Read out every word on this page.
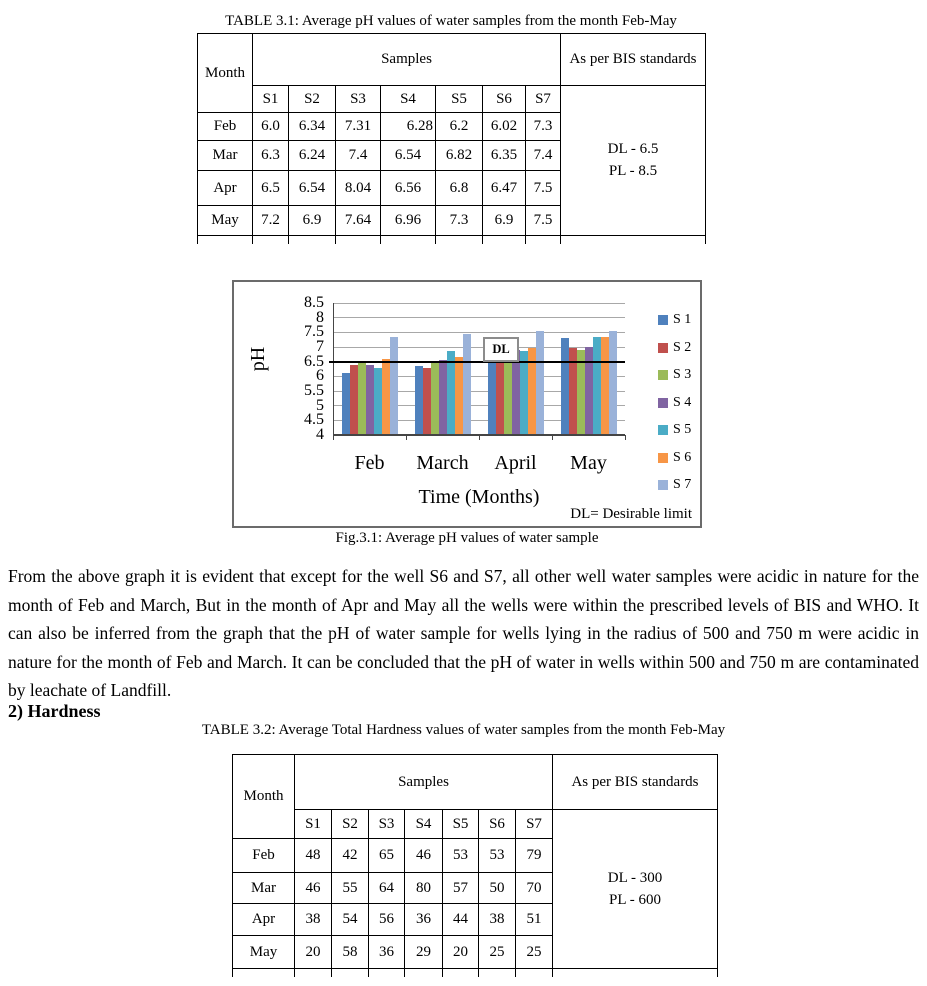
TABLE 3.1: Average pH values of water samples from the month Feb-May
Month	Samples							As per BIS standards
	S1	S2	S3	S4	S5	S6	S7	DL - 6.5
PL - 8.5

Feb	6.0	6.34	7.31	6.28	6.2	6.02	7.3	
Mar	6.3	6.24	7.4	6.54	6.82	6.35	7.4	
Apr	6.5	6.54	8.04	6.56	6.8	6.47	7.5	
May	7.2	6.9	7.64	6.96	7.3	6.9	7.5	

pH
Time (Months)
DL
DL= Desirable limit
8.5
8
7.5
7
6.5
6
5.5
5
4.5
4
Feb	March	April	May
S 1
S 2
S 3
S 4
S 5
S 6
S 7
Fig.3.1: Average pH values of water sample

From the above graph it is evident that except for the well S6 and S7, all other well water samples were acidic in nature for the month of Feb and March, But in the month of Apr and May all the wells were within the prescribed levels of BIS and WHO. It can also be inferred from the graph that the pH of water sample for wells lying in the radius of 500 and 750 m were acidic in nature for the month of Feb and March. It can be concluded that the pH of water in wells within 500 and 750 m are contaminated by leachate of Landfill.

2) Hardness
TABLE 3.2: Average Total Hardness values of water samples from the month Feb-May
Month	Samples							As per BIS standards
	S1	S2	S3	S4	S5	S6	S7	DL - 300
PL - 600

Feb	48	42	65	46	53	53	79	
Mar	46	55	64	80	57	50	70	
Apr	38	54	56	36	44	38	51	
May	20	58	36	29	20	25	25	
